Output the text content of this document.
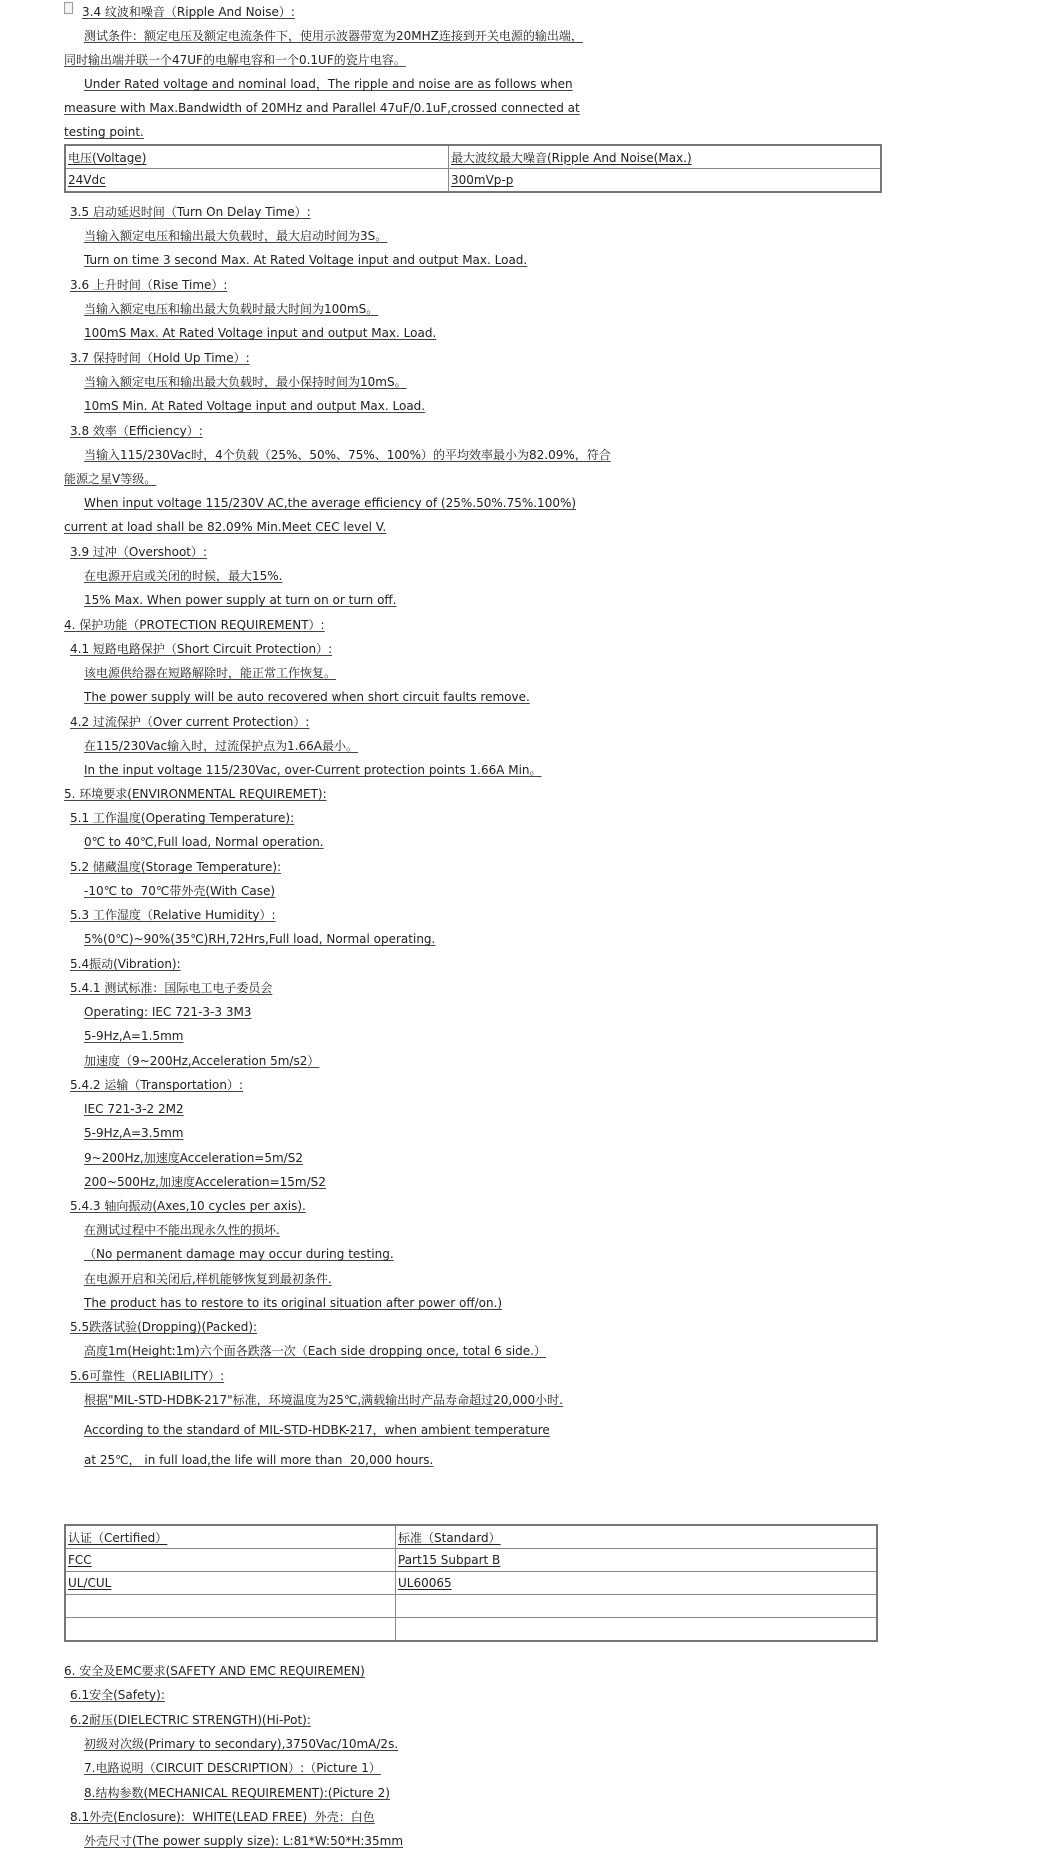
3.4 纹波和噪音（Ripple And Noise）:
测试条件：额定电压及额定电流条件下，使用示波器带宽为20MHZ连接到开关电源的输出端，
同时输出端并联一个47UF的电解电容和一个0.1UF的瓷片电容。
Under Rated voltage and nominal load，The ripple and noise are as follows when
measure with Max.Bandwidth of 20MHz and Parallel 47uF/0.1uF,crossed connected at
testing point.
电压(Voltage)	最大波纹最大噪音(Ripple And Noise(Max.)
24Vdc	300mVp-p
3.5 启动延迟时间（Turn On Delay Time）:
当输入额定电压和输出最大负载时，最大启动时间为3S。
Turn on time 3 second Max. At Rated Voltage input and output Max. Load.
3.6 上升时间（Rise Time）:
当输入额定电压和输出最大负载时最大时间为100mS。
100mS Max. At Rated Voltage input and output Max. Load.
3.7 保持时间（Hold Up Time）:
当输入额定电压和输出最大负载时，最小保持时间为10mS。
10mS Min. At Rated Voltage input and output Max. Load.
3.8 效率（Efficiency）:
当输入115/230Vac时，4个负载（25%、50%、75%、100%）的平均效率最小为82.09%，符合
能源之星V等级。
When input voltage 115/230V AC,the average efficiency of (25%.50%.75%.100%)
current at load shall be 82.09% Min.Meet CEC level V.
3.9 过冲（Overshoot）:
在电源开启或关闭的时候，最大15%.
15% Max. When power supply at turn on or turn off.
4. 保护功能（PROTECTION REQUIREMENT）:
4.1 短路电路保护（Short Circuit Protection）:
该电源供给器在短路解除时，能正常工作恢复。
The power supply will be auto recovered when short circuit faults remove.
4.2 过流保护（Over current Protection）:
在115/230Vac输入时，过流保护点为1.66A最小。
In the input voltage 115/230Vac, over-Current protection points 1.66A Min。
5. 环境要求(ENVIRONMENTAL REQUIREMET):
5.1 工作温度(Operating Temperature):
0℃ to 40℃,Full load, Normal operation.
5.2 储藏温度(Storage Temperature):
-10℃ to  70℃带外壳(With Case)
5.3 工作湿度（Relative Humidity）:
5%(0℃)~90%(35℃)RH,72Hrs,Full load, Normal operating.
5.4振动(Vibration):
5.4.1 测试标准：国际电工电子委员会
Operating: IEC 721-3-3 3M3
5-9Hz,A=1.5mm
加速度（9~200Hz,Acceleration 5m/s2）
5.4.2 运输（Transportation）:
IEC 721-3-2 2M2
5-9Hz,A=3.5mm
9~200Hz,加速度Acceleration=5m/S2
200~500Hz,加速度Acceleration=15m/S2
5.4.3 轴向振动(Axes,10 cycles per axis).
在测试过程中不能出现永久性的损坏.
（No permanent damage may occur during testing.
在电源开启和关闭后,样机能够恢复到最初条件.
The product has to restore to its original situation after power off/on.)
5.5跌落试验(Dropping)(Packed):
高度1m(Height:1m)六个面各跌落一次（Each side dropping once, total 6 side.）
5.6可靠性（RELIABILITY）:
根据"MIL-STD-HDBK-217"标准，环境温度为25℃,满载输出时产品寿命超过20,000小时.
According to the standard of MIL-STD-HDBK-217，when ambient temperature
at 25℃， in full load,the life will more than  20,000 hours.
认证（Certified）	标准（Standard）
FCC	Part15 Subpart B
UL/CUL	UL60065

6. 安全及EMC要求(SAFETY AND EMC REQUIREMEN)
6.1安全(Safety):
6.2耐压(DIELECTRIC STRENGTH)(Hi-Pot):
初级对次级(Primary to secondary),3750Vac/10mA/2s.
7.电路说明（CIRCUIT DESCRIPTION）:（Picture 1）
8.结构参数(MECHANICAL REQUIREMENT):(Picture 2)
8.1外壳(Enclosure):  WHITE(LEAD FREE)  外壳：白色
外壳尺寸(The power supply size): L:81*W:50*H:35mm
